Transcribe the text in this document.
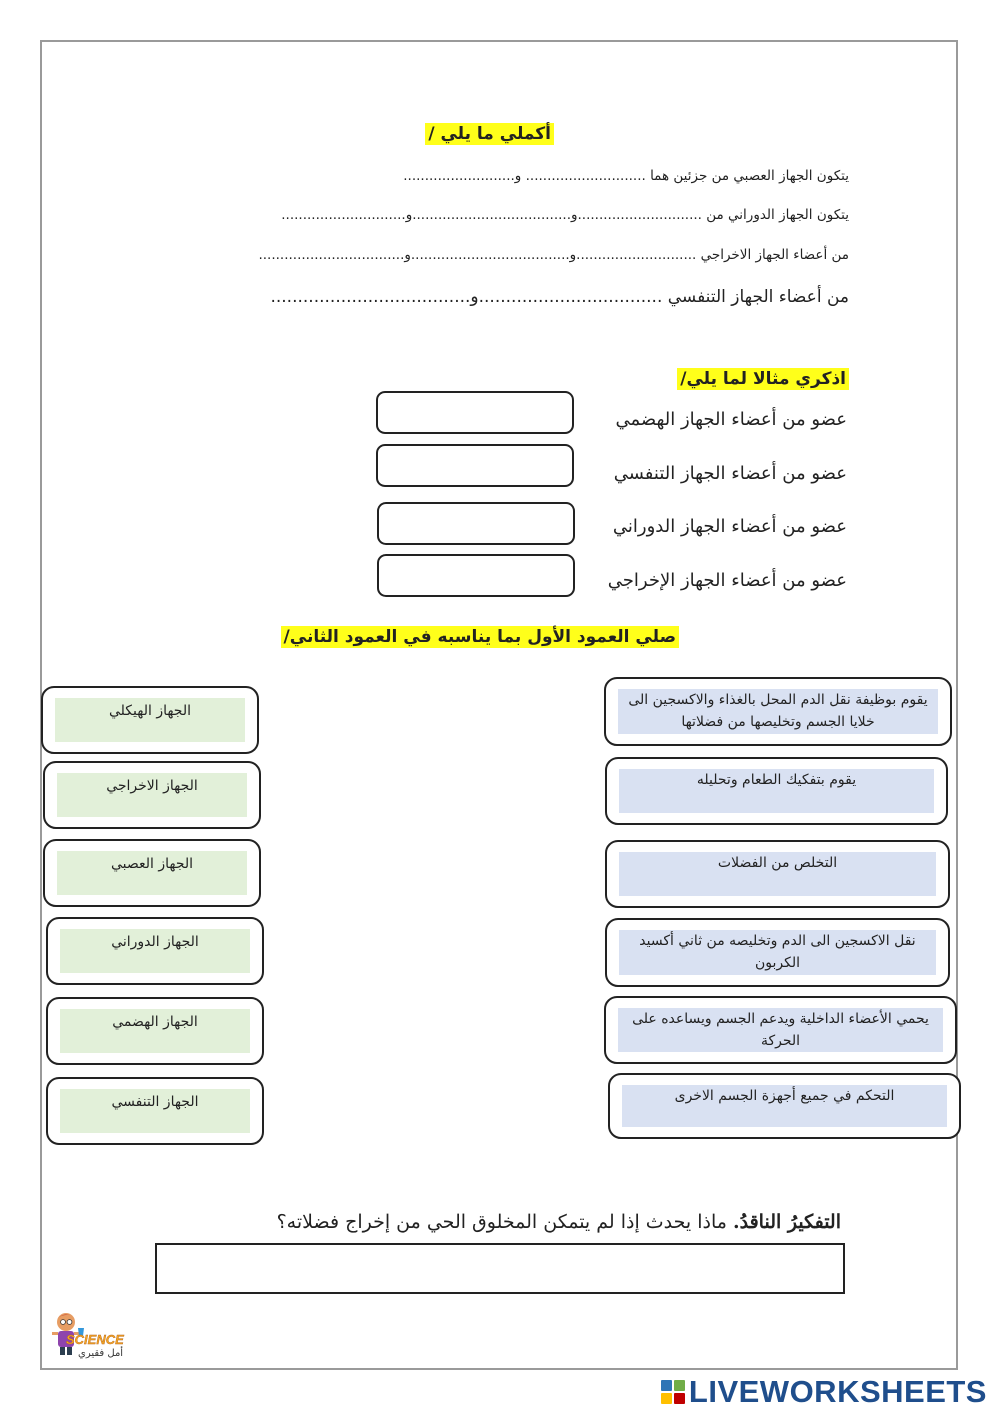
أكملي ما يلي /
يتكون الجهاز العصبي من جزئين هما ............................ و..........................
يتكون الجهاز الدوراني من .............................و.....................................و.............................
من أعضاء الجهاز الاخراجي ............................و.....................................و..................................
من أعضاء الجهاز التنفسي ..................................و.....................................
اذكري مثالا لما يلي/
عضو من أعضاء الجهاز الهضمي
عضو من أعضاء الجهاز التنفسي
عضو من أعضاء الجهاز الدوراني
عضو من أعضاء الجهاز الإخراجي
صلي العمود الأول بما يناسبه في العمود الثاني/
الجهاز الهيكلي
الجهاز الاخراجي
الجهاز العصبي
الجهاز الدوراني
الجهاز الهضمي
الجهاز التنفسي
يقوم بوظيفة نقل الدم المحل بالغذاء والاكسجين الى خلايا الجسم وتخليصها من فضلاتها
يقوم بتفكيك الطعام وتحليله
التخلص من الفضلات
نقل الاكسجين الى الدم وتخليصه من ثاني أكسيد الكربون
يحمي الأعضاء الداخلية ويدعم الجسم ويساعده على الحركة
التحكم في جميع أجهزة الجسم الاخرى
التفكيرُ الناقدُ. ماذا يحدث إذا لم يتمكن المخلوق الحي من إخراج فضلاته؟
SCIENCE
أمل فقيري
LIVEWORKSHEETS
